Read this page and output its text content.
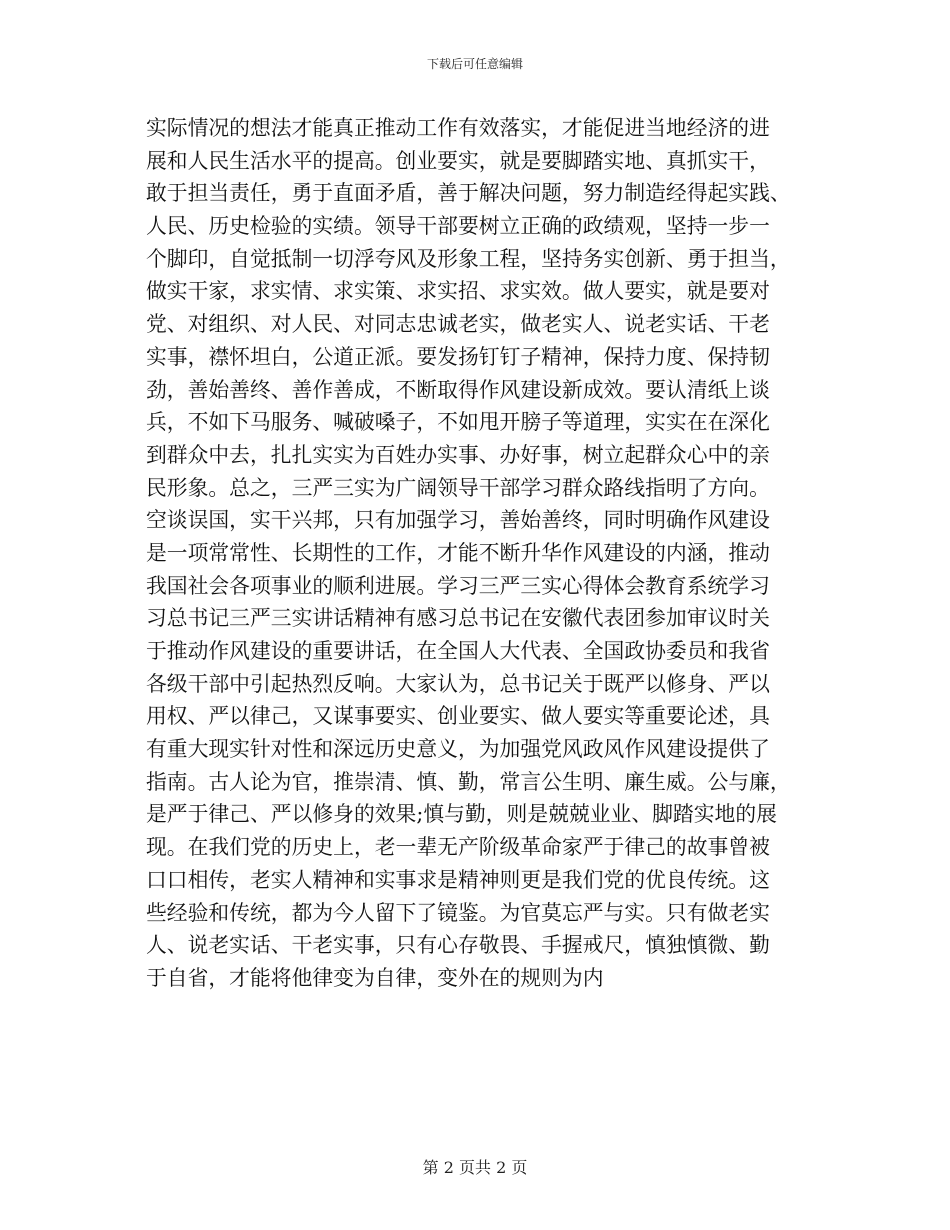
下载后可任意编辑
实际情况的想法才能真正推动工作有效落实，才能促进当地经济的进
展和人民生活水平的提高。创业要实，就是要脚踏实地、真抓实干，
敢于担当责任，勇于直面矛盾，善于解决问题，努力制造经得起实践、
人民、历史检验的实绩。领导干部要树立正确的政绩观，坚持一步一
个脚印，自觉抵制一切浮夸风及形象工程，坚持务实创新、勇于担当，
做实干家，求实情、求实策、求实招、求实效。做人要实，就是要对
党、对组织、对人民、对同志忠诚老实，做老实人、说老实话、干老
实事，襟怀坦白，公道正派。要发扬钉钉子精神，保持力度、保持韧
劲，善始善终、善作善成，不断取得作风建设新成效。要认清纸上谈
兵，不如下马服务、喊破嗓子，不如甩开膀子等道理，实实在在深化
到群众中去，扎扎实实为百姓办实事、办好事，树立起群众心中的亲
民形象。总之，三严三实为广阔领导干部学习群众路线指明了方向。
空谈误国，实干兴邦，只有加强学习，善始善终，同时明确作风建设
是一项常常性、长期性的工作，才能不断升华作风建设的内涵，推动
我国社会各项事业的顺利进展。学习三严三实心得体会教育系统学习
习总书记三严三实讲话精神有感习总书记在安徽代表团参加审议时关
于推动作风建设的重要讲话，在全国人大代表、全国政协委员和我省
各级干部中引起热烈反响。大家认为，总书记关于既严以修身、严以
用权、严以律己，又谋事要实、创业要实、做人要实等重要论述，具
有重大现实针对性和深远历史意义，为加强党风政风作风建设提供了
指南。古人论为官，推崇清、慎、勤，常言公生明、廉生威。公与廉，
是严于律己、严以修身的效果;慎与勤，则是兢兢业业、脚踏实地的展
现。在我们党的历史上，老一辈无产阶级革命家严于律己的故事曾被
口口相传，老实人精神和实事求是精神则更是我们党的优良传统。这
些经验和传统，都为今人留下了镜鉴。为官莫忘严与实。只有做老实
人、说老实话、干老实事，只有心存敬畏、手握戒尺，慎独慎微、勤
于自省，才能将他律变为自律，变外在的规则为内
第 2 页共 2 页
